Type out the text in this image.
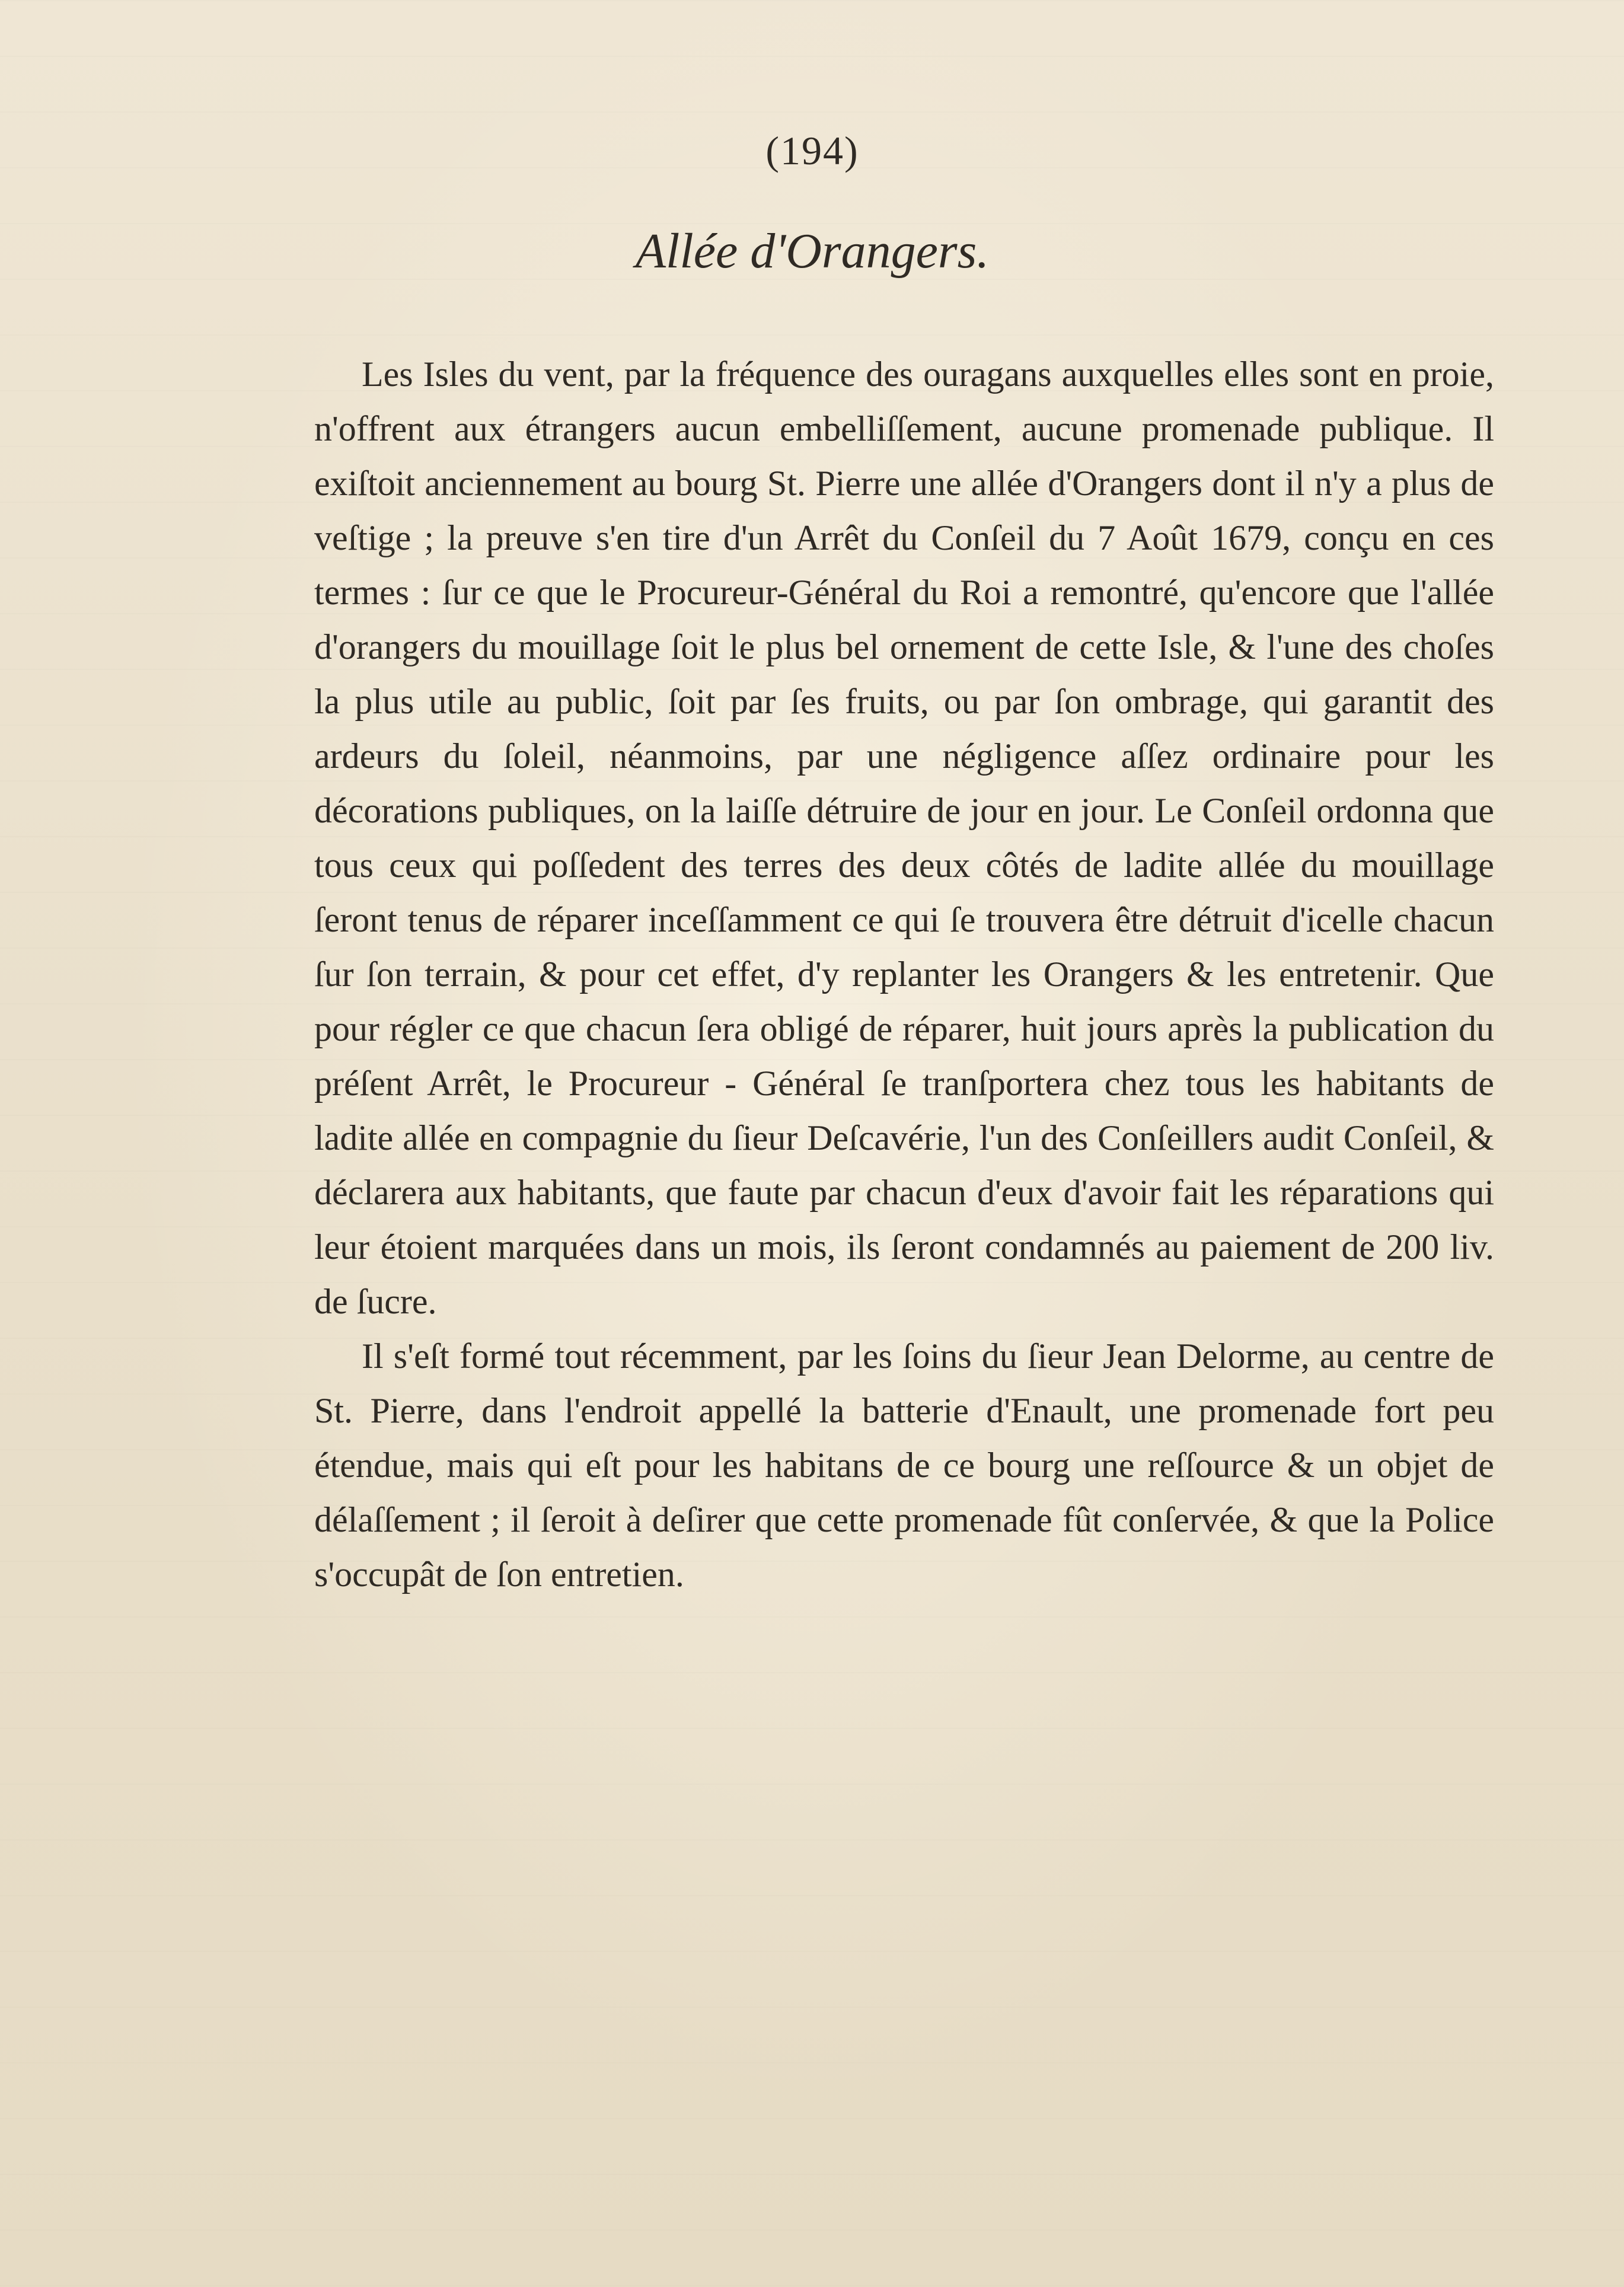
(194)
Allée d'Orangers.

Les Isles du vent, par la fréquence des ouragans auxquelles elles sont en proie, n'offrent aux étrangers aucun embelliſſement, aucune promenade publique. Il exiſtoit anciennement au bourg St. Pierre une allée d'Orangers dont il n'y a plus de veſtige ; la preuve s'en tire d'un Arrêt du Conſeil du 7 Août 1679, conçu en ces termes : ſur ce que le Procureur-Général du Roi a remontré, qu'encore que l'allée d'orangers du mouillage ſoit le plus bel ornement de cette Isle, & l'une des choſes la plus utile au public, ſoit par ſes fruits, ou par ſon ombrage, qui garantit des ardeurs du ſoleil, néanmoins, par une négligence aſſez ordinaire pour les décorations publiques, on la laiſſe détruire de jour en jour. Le Conſeil ordonna que tous ceux qui poſſedent des terres des deux côtés de ladite allée du mouillage ſeront tenus de réparer inceſſamment ce qui ſe trouvera être détruit d'icelle chacun ſur ſon terrain, & pour cet effet, d'y replanter les Orangers & les entretenir. Que pour régler ce que chacun ſera obligé de réparer, huit jours après la publication du préſent Arrêt, le Procureur - Général ſe tranſportera chez tous les habitants de ladite allée en compagnie du ſieur Deſcavérie, l'un des Conſeillers audit Conſeil, & déclarera aux habitants, que faute par chacun d'eux d'avoir fait les réparations qui leur étoient marquées dans un mois, ils ſeront condamnés au paiement de 200 liv. de ſucre.

Il s'eſt formé tout récemment, par les ſoins du ſieur Jean Delorme, au centre de St. Pierre, dans l'endroit appellé la batterie d'Enault, une promenade fort peu étendue, mais qui eſt pour les habitans de ce bourg une reſſource & un objet de délaſſement ; il ſeroit à deſirer que cette promenade fût conſervée, & que la Police s'occupât de ſon entretien.
